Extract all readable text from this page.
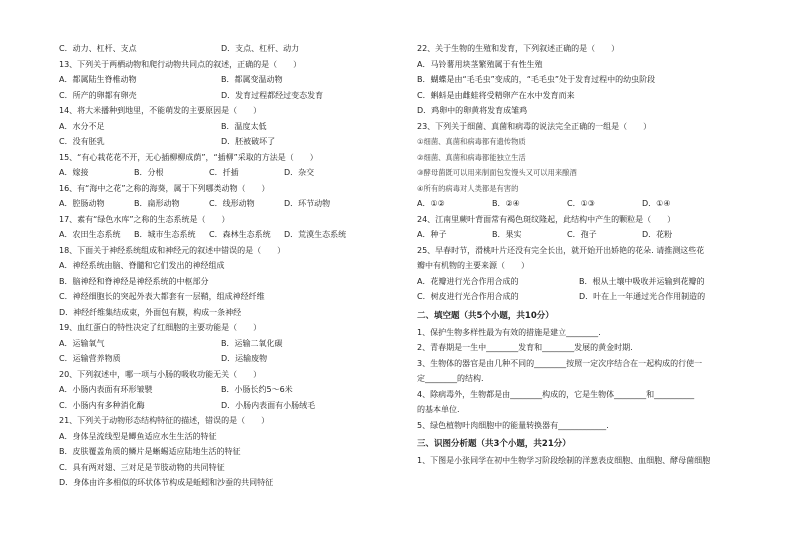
C．动力、杠杆、支点	D．支点、杠杆、动力
13、下列关于两栖动物和爬行动物共同点的叙述，正确的是（　　）
A．都属陆生脊椎动物	B．都属变温动物
C．所产的卵都有卵壳	D．发育过程都经过变态发育
14、将大米播种到地里，不能萌发的主要原因是（　　）
A．水分不足	B．温度太低
C．没有胚乳	D．胚被破坏了
15、“有心栽花花不开，无心插柳柳成荫”，“插柳”采取的方法是（　　）
A．嫁接	B．分根	C．扦插	D．杂交
16、有“海中之花”之称的海葵，属于下列哪类动物（　　）
A．腔肠动物	B．扁形动物	C．线形动物	D．环节动物
17、素有“绿色水库”之称的生态系统是（　　）
A．农田生态系统	B．城市生态系统	C．森林生态系统	D．荒漠生态系统
18、下面关于神经系统组成和神经元的叙述中错误的是（　　）
A．神经系统由脑、脊髓和它们发出的神经组成
B．脑神经和脊神经是神经系统的中枢部分
C．神经细胞长的突起外表大都套有一层鞘，组成神经纤维
D．神经纤维集结成束，外面包有膜，构成一条神经
19、血红蛋白的特性决定了红细胞的主要功能是（　　）
A．运输氧气	B．运输二氧化碳
C．运输营养物质	D．运输废物
20、下列叙述中，哪一项与小肠的吸收功能无关（　　）
A．小肠内表面有环形皱襞	B．小肠长约5～6米
C．小肠内有多种消化酶	D．小肠内表面有小肠绒毛
21、下列关于动物形态结构特征的描述，错误的是（　　）
A．身体呈流线型是鲫鱼适应水生生活的特征
B．皮肤覆盖角质的鳞片是蜥蜴适应陆地生活的特征
C．具有两对翅、三对足是节肢动物的共同特征
D．身体由许多相似的环状体节构成是蚯蚓和沙蚕的共同特征
22、关于生物的生殖和发育，下列叙述正确的是（　　）
A．马铃薯用块茎繁殖属于有性生殖
B．蝴蝶是由“毛毛虫”变成的，“毛毛虫”处于发育过程中的幼虫阶段
C．蝌蚪是由雌蛙将受精卵产在水中发育而来
D．鸡卵中的卵黄将发育成雏鸡
23、下列关于细菌、真菌和病毒的说法完全正确的一组是（　　）
①细菌、真菌和病毒都有遗传物质
②细菌、真菌和病毒都能独立生活
③酵母菌既可以用来制面包发馒头又可以用来酿酒
④所有的病毒对人类都是有害的
A．①②	B．②④	C．①③	D．①④
24、江南里蕨叶背面常有褐色斑纹隆起，此结构中产生的颗粒是（　　）
A．种子	B．果实	C．孢子	D．花粉
25、早春时节，滑桃叶片还没有完全长出，就开始开出娇艳的花朵. 请推测这些花
瓣中有机物的主要来源（　　）
A．花瓣进行光合作用合成的	B．根从土壤中吸收并运输到花瓣的
C．树皮进行光合作用合成的	D．叶在上一年通过光合作用制造的
二、填空题（共5个小题，共10分）
1、保护生物多样性最为有效的措施是建立________.
2、青春期是一生中________发育和________发展的黄金时期.
3、生物体的器官是由几种不同的________按照一定次序结合在一起构成的行使一
定________的结构.
4、除病毒外，生物都是由________构成的，它是生物体________和__________
的基本单位.
5、绿色植物叶肉细胞中的能量转换器有____________.
三、识图分析题（共3个小题，共21分）
1、下图是小张同学在初中生物学习阶段绘制的洋葱表皮细胞、血细胞、酵母菌细胞
